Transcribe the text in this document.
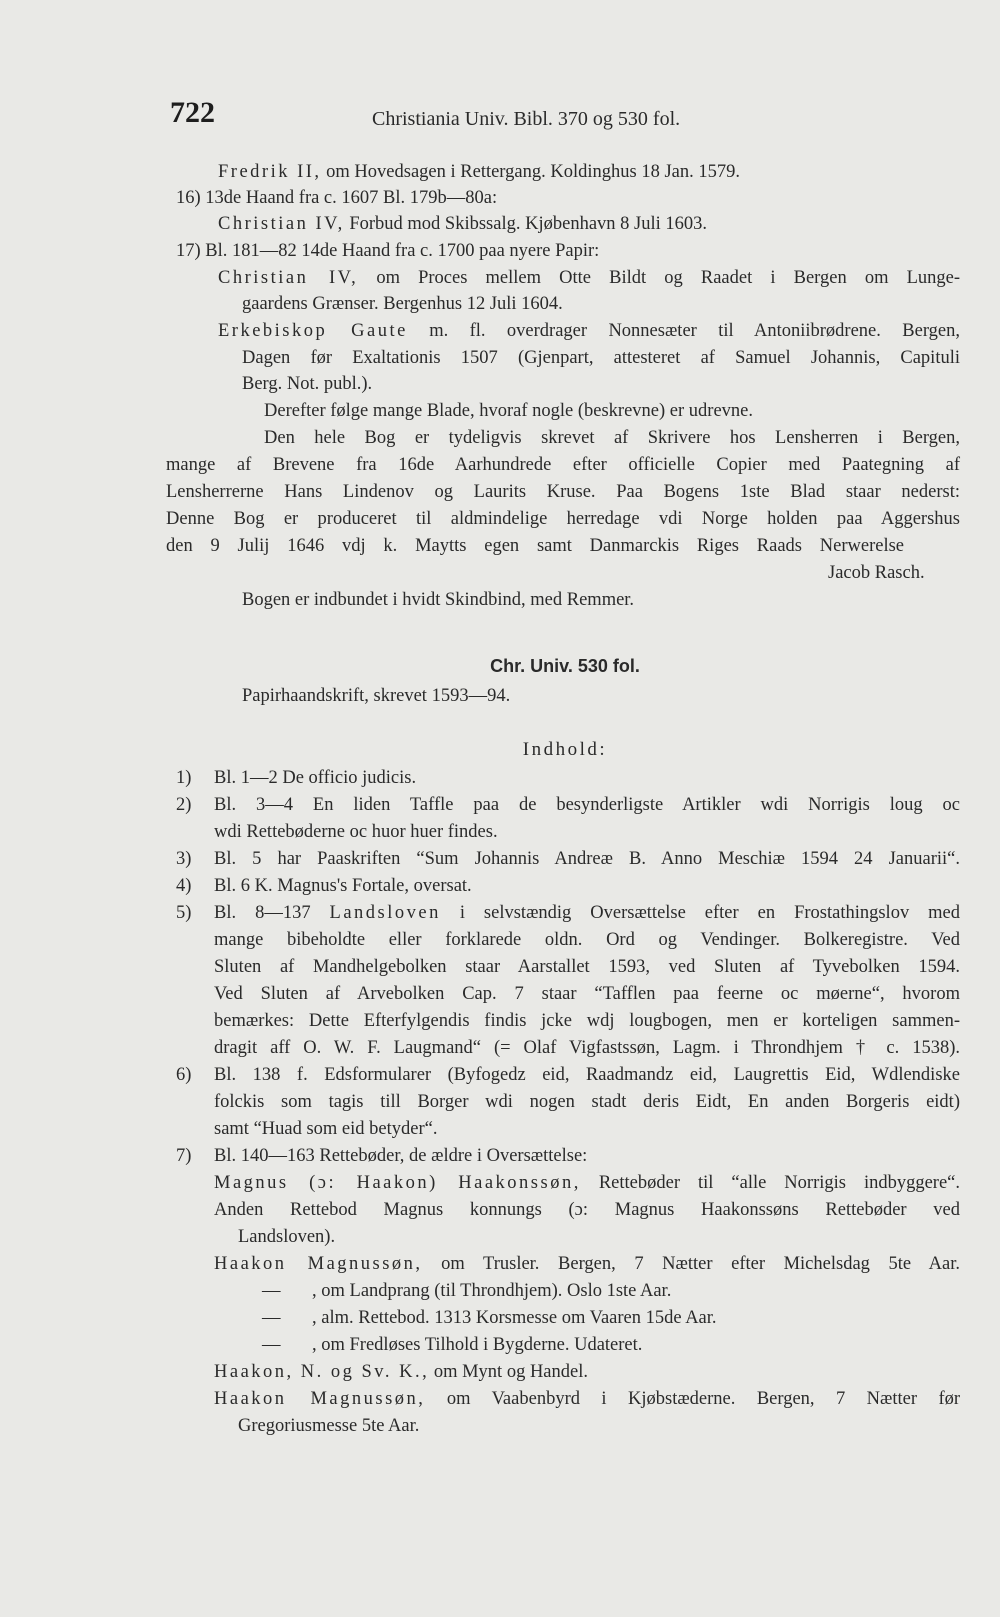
722	Christiania Univ. Bibl. 370 og 530 fol.
Fredrik II, om Hovedsagen i Rettergang. Koldinghus 18 Jan. 1579.
16) 13de Haand fra c. 1607 Bl. 179b—80a:
Christian IV, Forbud mod Skibssalg. Kjøbenhavn 8 Juli 1603.
17) Bl. 181—82 14de Haand fra c. 1700 paa nyere Papir:
Christian IV, om Proces mellem Otte Bildt og Raadet i Bergen om Lunge-
gaardens Grænser. Bergenhus 12 Juli 1604.
Erkebiskop Gaute m. fl. overdrager Nonnesæter til Antoniibrødrene. Bergen,
Dagen før Exaltationis 1507 (Gjenpart, attesteret af Samuel Johannis, Capituli
Berg. Not. publ.).
Derefter følge mange Blade, hvoraf nogle (beskrevne) er udrevne.
Den hele Bog er tydeligvis skrevet af Skrivere hos Lensherren i Bergen,
mange af Brevene fra 16de Aarhundrede efter officielle Copier med Paategning af
Lensherrerne Hans Lindenov og Laurits Kruse. Paa Bogens 1ste Blad staar nederst:
Denne Bog er produceret til aldmindelige herredage vdi Norge holden paa Aggershus
den 9 Julij 1646 vdj k. Maytts egen samt Danmarckis Riges Raads Nerwerelse
Jacob Rasch.
Bogen er indbundet i hvidt Skindbind, med Remmer.
Chr. Univ. 530 fol.
Papirhaandskrift, skrevet 1593—94.
Indhold:
1) Bl. 1—2 De officio judicis.
2) Bl. 3—4 En liden Taffle paa de besynderligste Artikler wdi Norrigis loug oc
wdi Rettebøderne oc huor huer findes.
3) Bl. 5 har Paaskriften “Sum Johannis Andreæ B. Anno Meschiæ 1594 24 Januarii“.
4) Bl. 6 K. Magnus's Fortale, oversat.
5) Bl. 8—137 Landsloven i selvstændig Oversættelse efter en Frostathingslov med
mange bibeholdte eller forklarede oldn. Ord og Vendinger. Bolkeregistre. Ved
Sluten af Mandhelgebolken staar Aarstallet 1593, ved Sluten af Tyvebolken 1594.
Ved Sluten af Arvebolken Cap. 7 staar “Tafflen paa feerne oc møerne“, hvorom
bemærkes: Dette Efterfylgendis findis jcke wdj lougbogen, men er korteligen sammen-
dragit aff O. W. F. Laugmand“ (= Olaf Vigfastssøn, Lagm. i Throndhjem † c. 1538).
6) Bl. 138 f. Edsformularer (Byfogedz eid, Raadmandz eid, Laugrettis Eid, Wdlendiske
folckis som tagis till Borger wdi nogen stadt deris Eidt, En anden Borgeris eidt)
samt “Huad som eid betyder“.
7) Bl. 140—163 Rettebøder, de ældre i Oversættelse:
Magnus (ɔ: Haakon) Haakonssøn, Rettebøder til “alle Norrigis indbyggere“.
Anden Rettebod Magnus konnungs (ɔ: Magnus Haakonssøns Rettebøder ved
Landsloven).
Haakon Magnussøn, om Trusler. Bergen, 7 Nætter efter Michelsdag 5te Aar.
— , om Landprang (til Throndhjem). Oslo 1ste Aar.
— , alm. Rettebod. 1313 Korsmesse om Vaaren 15de Aar.
— , om Fredløses Tilhold i Bygderne. Udateret.
Haakon, N. og Sv. K., om Mynt og Handel.
Haakon Magnussøn, om Vaabenbyrd i Kjøbstæderne. Bergen, 7 Nætter før
Gregoriusmesse 5te Aar.
